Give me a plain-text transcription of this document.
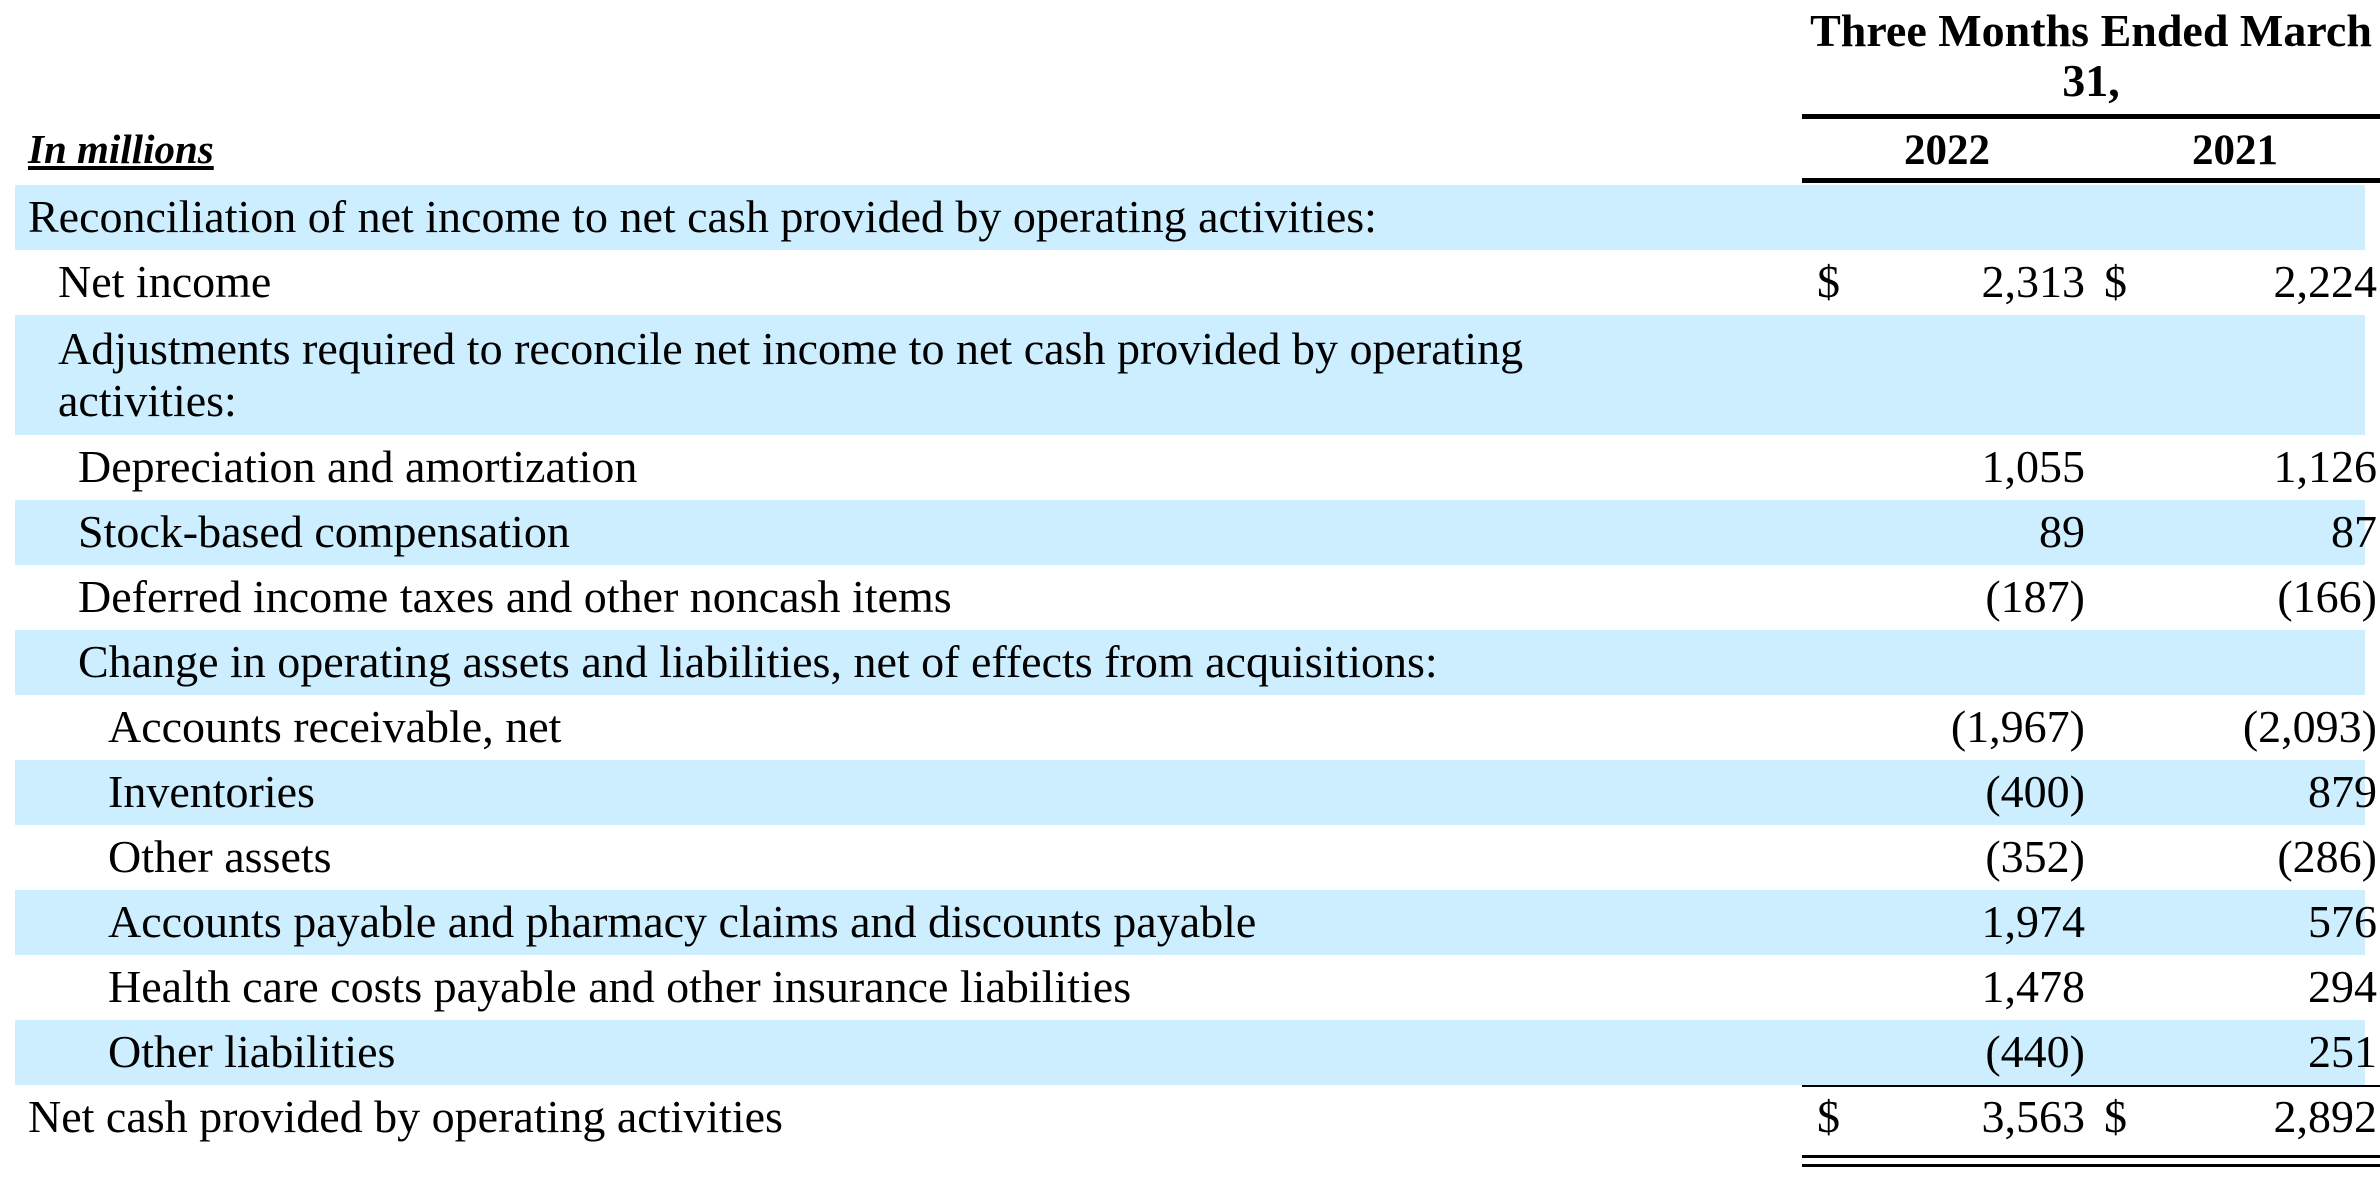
Three Months Ended March 31,
In millions	2022	2021
Reconciliation of net income to net cash provided by operating activities:
Net income	$	2,313 $	2,224
Adjustments required to reconcile net income to net cash provided by operating activities:
Depreciation and amortization	1,055	1,126
Stock-based compensation	89	87
Deferred income taxes and other noncash items	(187)	(166)
Change in operating assets and liabilities, net of effects from acquisitions:
Accounts receivable, net	(1,967)	(2,093)
Inventories	(400)	879
Other assets	(352)	(286)
Accounts payable and pharmacy claims and discounts payable	1,974	576
Health care costs payable and other insurance liabilities	1,478	294
Other liabilities	(440)	251
Net cash provided by operating activities	$	3,563 $	2,892
